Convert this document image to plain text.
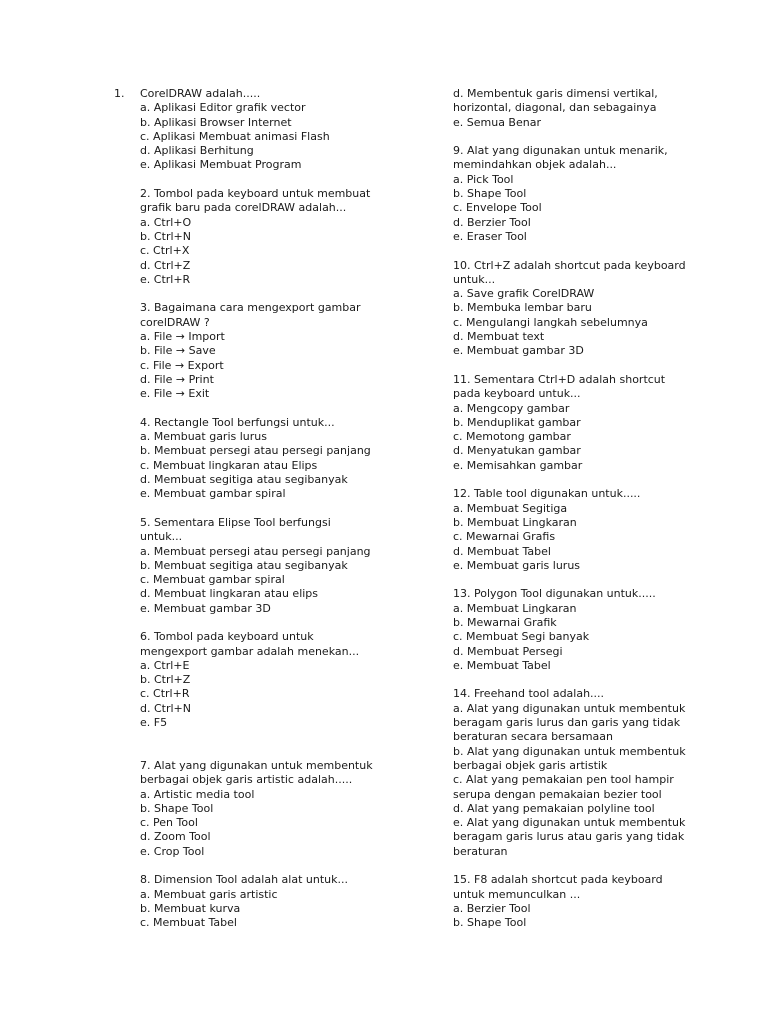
1. CorelDRAW adalah.....
a. Aplikasi Editor grafik vector
b. Aplikasi Browser Internet
c. Aplikasi Membuat animasi Flash
d. Aplikasi Berhitung
e. Aplikasi Membuat Program
2. Tombol pada keyboard untuk membuat
grafik baru pada corelDRAW adalah...
a. Ctrl+O
b. Ctrl+N
c. Ctrl+X
d. Ctrl+Z
e. Ctrl+R
3. Bagaimana cara mengexport gambar
corelDRAW ?
a. File → Import
b. File → Save
c. File → Export
d. File → Print
e. File → Exit
4. Rectangle Tool berfungsi untuk...
a. Membuat garis lurus
b. Membuat persegi atau persegi panjang
c. Membuat lingkaran atau Elips
d. Membuat segitiga atau segibanyak
e. Membuat gambar spiral
5. Sementara Elipse Tool berfungsi
untuk...
a. Membuat persegi atau persegi panjang
b. Membuat segitiga atau segibanyak
c. Membuat gambar spiral
d. Membuat lingkaran atau elips
e. Membuat gambar 3D
6. Tombol pada keyboard untuk
mengexport gambar adalah menekan...
a. Ctrl+E
b. Ctrl+Z
c. Ctrl+R
d. Ctrl+N
e. F5
7. Alat yang digunakan untuk membentuk
berbagai objek garis artistic adalah.....
a. Artistic media tool
b. Shape Tool
c. Pen Tool
d. Zoom Tool
e. Crop Tool
8. Dimension Tool adalah alat untuk...
a. Membuat garis artistic
b. Membuat kurva
c. Membuat Tabel
d. Membentuk garis dimensi vertikal,
horizontal, diagonal, dan sebagainya
e. Semua Benar
9. Alat yang digunakan untuk menarik,
memindahkan objek adalah...
a. Pick Tool
b. Shape Tool
c. Envelope Tool
d. Berzier Tool
e. Eraser Tool
10. Ctrl+Z adalah shortcut pada keyboard
untuk...
a. Save grafik CorelDRAW
b. Membuka lembar baru
c. Mengulangi langkah sebelumnya
d. Membuat text
e. Membuat gambar 3D
11. Sementara Ctrl+D adalah shortcut
pada keyboard untuk...
a. Mengcopy gambar
b. Menduplikat gambar
c. Memotong gambar
d. Menyatukan gambar
e. Memisahkan gambar
12. Table tool digunakan untuk.....
a. Membuat Segitiga
b. Membuat Lingkaran
c. Mewarnai Grafis
d. Membuat Tabel
e. Membuat garis lurus
13. Polygon Tool digunakan untuk.....
a. Membuat Lingkaran
b. Mewarnai Grafik
c. Membuat Segi banyak
d. Membuat Persegi
e. Membuat Tabel
14. Freehand tool adalah....
a. Alat yang digunakan untuk membentuk
beragam garis lurus dan garis yang tidak
beraturan secara bersamaan
b. Alat yang digunakan untuk membentuk
berbagai objek garis artistik
c. Alat yang pemakaian pen tool hampir
serupa dengan pemakaian bezier tool
d. Alat yang pemakaian polyline tool
e. Alat yang digunakan untuk membentuk
beragam garis lurus atau garis yang tidak
beraturan
15. F8 adalah shortcut pada keyboard
untuk memunculkan ...
a. Berzier Tool
b. Shape Tool
